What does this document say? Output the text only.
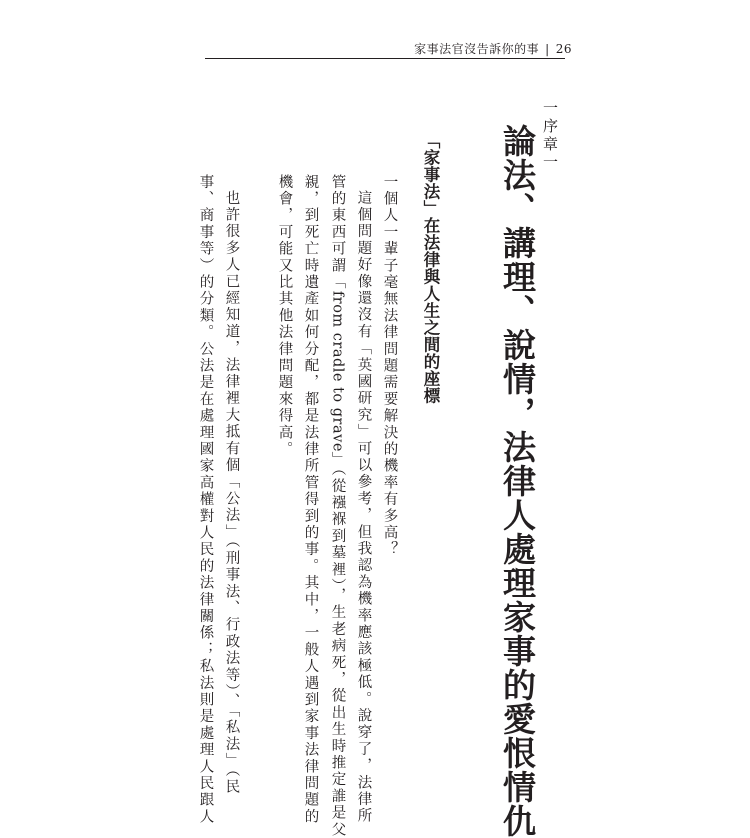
家事法官沒告訴你的事 | 26
一序章一
論法、講理、說情，法律人處理家事的愛恨情仇
「家事法」在法律與人生之間的座標
一個人一輩子毫無法律問題需要解決的機率有多高？
這個問題好像還沒有「英國研究」可以參考，但我認為機率應該極低。說穿了，法律所
管的東西可謂「from cradle to grave」（從襁褓到墓裡），生老病死，從出生時推定誰是父
親，到死亡時遺產如何分配，都是法律所管得到的事。其中，一般人遇到家事法律問題的
機會，可能又比其他法律問題來得高。
也許很多人已經知道，法律裡大抵有個「公法」（刑事法、行政法等）、「私法」（民
事、商事等）的分類。公法是在處理國家高權對人民的法律關係；私法則是處理人民跟人
